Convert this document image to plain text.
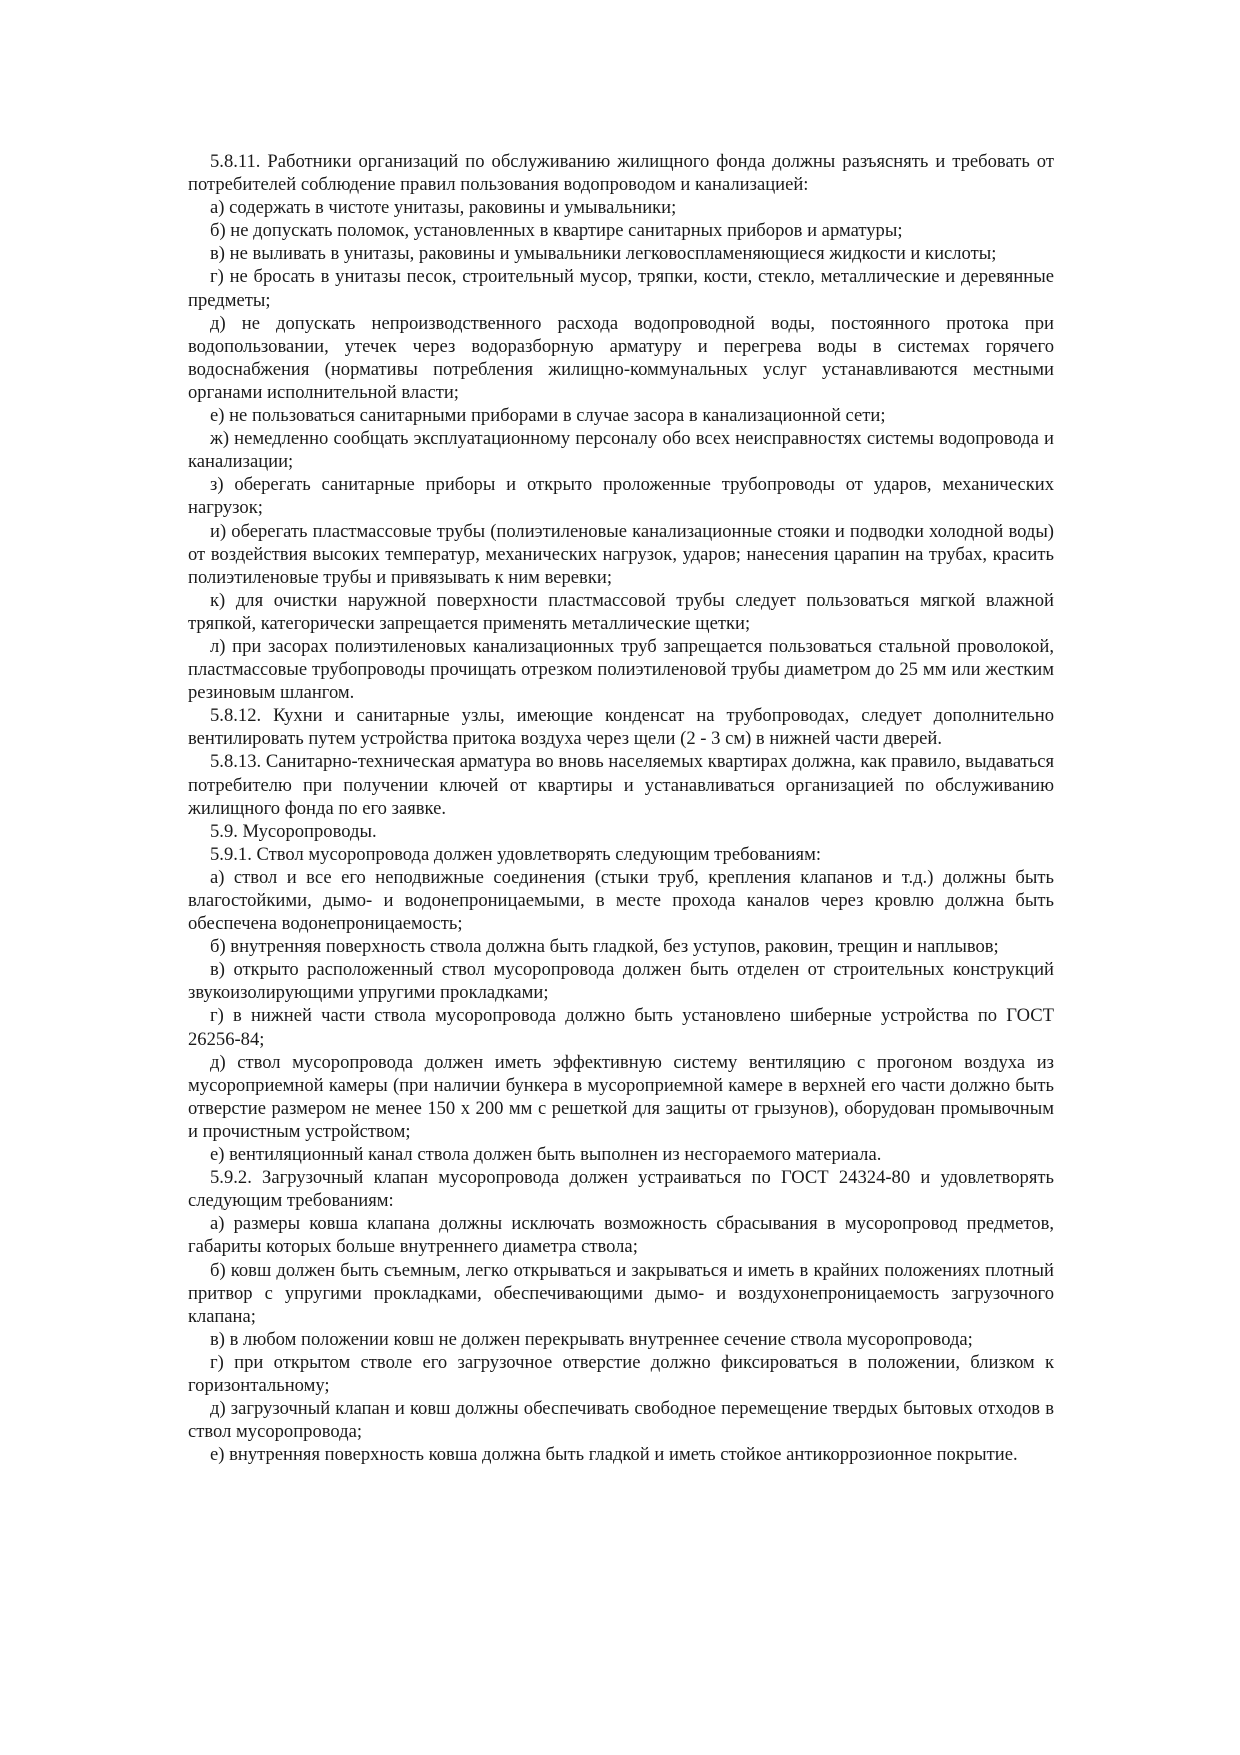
5.8.11. Работники организаций по обслуживанию жилищного фонда должны разъяснять и требовать от потребителей соблюдение правил пользования водопроводом и канализацией:

а) содержать в чистоте унитазы, раковины и умывальники;

б) не допускать поломок, установленных в квартире санитарных приборов и арматуры;

в) не выливать в унитазы, раковины и умывальники легковоспламеняющиеся жидкости и кислоты;

г) не бросать в унитазы песок, строительный мусор, тряпки, кости, стекло, металлические и деревянные предметы;

д) не допускать непроизводственного расхода водопроводной воды, постоянного протока при водопользовании, утечек через водоразборную арматуру и перегрева воды в системах горячего водоснабжения (нормативы потребления жилищно-коммунальных услуг устанавливаются местными органами исполнительной власти;

е) не пользоваться санитарными приборами в случае засора в канализационной сети;

ж) немедленно сообщать эксплуатационному персоналу обо всех неисправностях системы водопровода и канализации;

з) оберегать санитарные приборы и открыто проложенные трубопроводы от ударов, механических нагрузок;

и) оберегать пластмассовые трубы (полиэтиленовые канализационные стояки и подводки холодной воды) от воздействия высоких температур, механических нагрузок, ударов; нанесения царапин на трубах, красить полиэтиленовые трубы и привязывать к ним веревки;

к) для очистки наружной поверхности пластмассовой трубы следует пользоваться мягкой влажной тряпкой, категорически запрещается применять металлические щетки;

л) при засорах полиэтиленовых канализационных труб запрещается пользоваться стальной проволокой, пластмассовые трубопроводы прочищать отрезком полиэтиленовой трубы диаметром до 25 мм или жестким резиновым шлангом.

5.8.12. Кухни и санитарные узлы, имеющие конденсат на трубопроводах, следует дополнительно вентилировать путем устройства притока воздуха через щели (2 - 3 см) в нижней части дверей.

5.8.13. Санитарно-техническая арматура во вновь населяемых квартирах должна, как правило, выдаваться потребителю при получении ключей от квартиры и устанавливаться организацией по обслуживанию жилищного фонда по его заявке.

5.9. Мусоропроводы.

5.9.1. Ствол мусоропровода должен удовлетворять следующим требованиям:

а) ствол и все его неподвижные соединения (стыки труб, крепления клапанов и т.д.) должны быть влагостойкими, дымо- и водонепроницаемыми, в месте прохода каналов через кровлю должна быть обеспечена водонепроницаемость;

б) внутренняя поверхность ствола должна быть гладкой, без уступов, раковин, трещин и наплывов;

в) открыто расположенный ствол мусоропровода должен быть отделен от строительных конструкций звукоизолирующими упругими прокладками;

г) в нижней части ствола мусоропровода должно быть установлено шиберные устройства по ГОСТ 26256-84;

д) ствол мусоропровода должен иметь эффективную систему вентиляцию с прогоном воздуха из мусороприемной камеры (при наличии бункера в мусороприемной камере в верхней его части должно быть отверстие размером не менее 150 x 200 мм с решеткой для защиты от грызунов), оборудован промывочным и прочистным устройством;

е) вентиляционный канал ствола должен быть выполнен из несгораемого материала.

5.9.2. Загрузочный клапан мусоропровода должен устраиваться по ГОСТ 24324-80 и удовлетворять следующим требованиям:

а) размеры ковша клапана должны исключать возможность сбрасывания в мусоропровод предметов, габариты которых больше внутреннего диаметра ствола;

б) ковш должен быть съемным, легко открываться и закрываться и иметь в крайних положениях плотный притвор с упругими прокладками, обеспечивающими дымо- и воздухонепроницаемость загрузочного клапана;

в) в любом положении ковш не должен перекрывать внутреннее сечение ствола мусоропровода;

г) при открытом стволе его загрузочное отверстие должно фиксироваться в положении, близком к горизонтальному;

д) загрузочный клапан и ковш должны обеспечивать свободное перемещение твердых бытовых отходов в ствол мусоропровода;

е) внутренняя поверхность ковша должна быть гладкой и иметь стойкое антикоррозионное покрытие.
